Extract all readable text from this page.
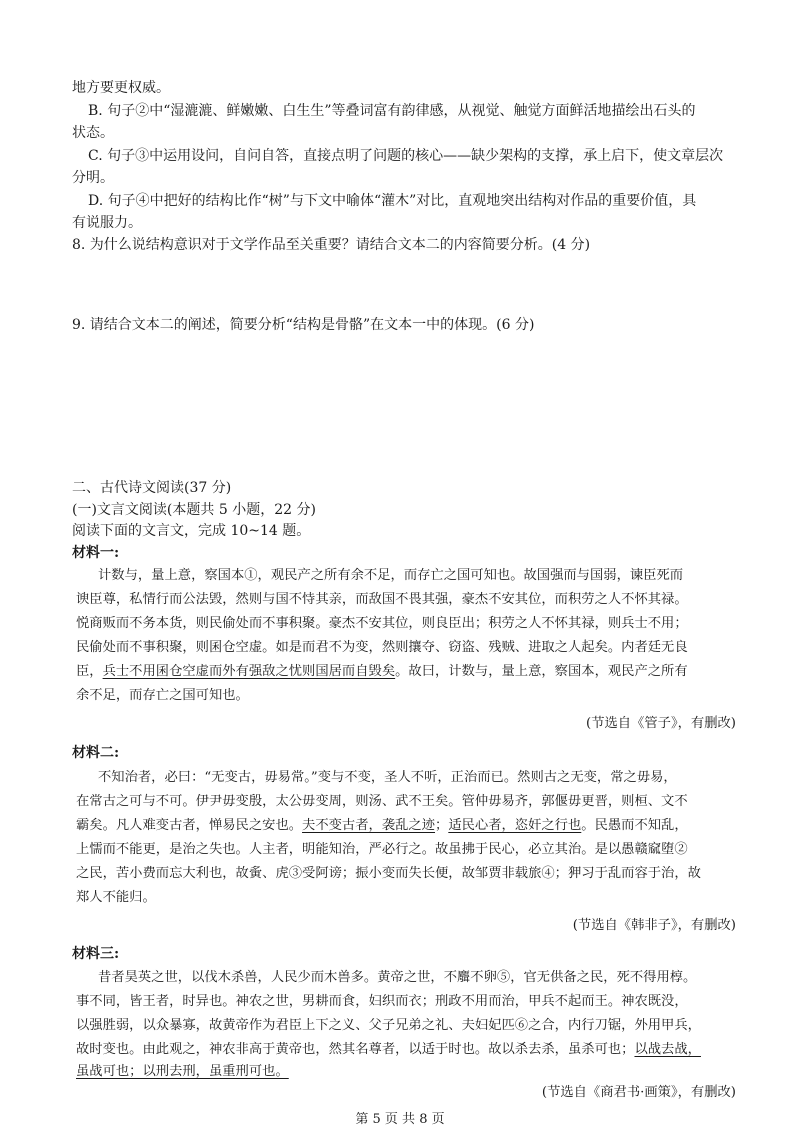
地方要更权威。
B. 句子②中“湿漉漉、鲜嫩嫩、白生生”等叠词富有韵律感，从视觉、触觉方面鲜活地描绘出石头的
状态。
C. 句子③中运用设问，自问自答，直接点明了问题的核心——缺少架构的支撑，承上启下，使文章层次
分明。
D. 句子④中把好的结构比作“树”与下文中喻体“灌木”对比，直观地突出结构对作品的重要价值，具
有说服力。
8. 为什么说结构意识对于文学作品至关重要？请结合文本二的内容简要分析。(4 分)
9. 请结合文本二的阐述，简要分析“结构是骨骼”在文本一中的体现。(6 分)
二、古代诗文阅读(37 分)
(一)文言文阅读(本题共 5 小题，22 分)
阅读下面的文言文，完成 10~14 题。
材料一:
计数与，量上意，察国本①，观民产之所有余不足，而存亡之国可知也。故国强而与国弱，谏臣死而
谀臣尊，私情行而公法毁，然则与国不恃其亲，而敌国不畏其强，豪杰不安其位，而积劳之人不怀其禄。
悦商贩而不务本货，则民偷处而不事积聚。豪杰不安其位，则良臣出；积劳之人不怀其禄，则兵士不用；
民偷处而不事积聚，则囷仓空虚。如是而君不为变，然则攘夺、窃盗、残贼、进取之人起矣。内者廷无良
臣，兵士不用囷仓空虚而外有强敌之忧则国居而自毁矣。故曰，计数与，量上意，察国本，观民产之所有
余不足，而存亡之国可知也。
(节选自《管子》，有删改)
材料二:
不知治者，必曰：“无变古，毋易常。”变与不变，圣人不听，正治而已。然则古之无变，常之毋易，
在常古之可与不可。伊尹毋变殷，太公毋变周，则汤、武不王矣。管仲毋易齐，郭偃毋更晋，则桓、文不
霸矣。凡人难变古者，惮易民之安也。夫不变古者，袭乱之迹；适民心者，恣奸之行也。民愚而不知乱，
上懦而不能更，是治之失也。人主者，明能知治，严必行之。故虽拂于民心，必立其治。是以愚赣窳堕②
之民，苦小费而忘大利也，故夤、虎③受阿谤；振小变而失长便，故邹贾非载旅④；狎习于乱而容于治，故
郑人不能归。
(节选自《韩非子》，有删改)
材料三:
昔者昊英之世，以伐木杀兽，人民少而木兽多。黄帝之世，不麛不卵⑤，官无供备之民，死不得用椁。
事不同，皆王者，时异也。神农之世，男耕而食，妇织而衣；刑政不用而治，甲兵不起而王。神农既没，
以强胜弱，以众暴寡，故黄帝作为君臣上下之义、父子兄弟之礼、夫妇妃匹⑥之合，内行刀锯，外用甲兵，
故时变也。由此观之，神农非高于黄帝也，然其名尊者，以适于时也。故以杀去杀，虽杀可也；以战去战，
虽战可也；以刑去刑，虽重刑可也。
(节选自《商君书·画策》，有删改)
第 5 页 共 8 页
